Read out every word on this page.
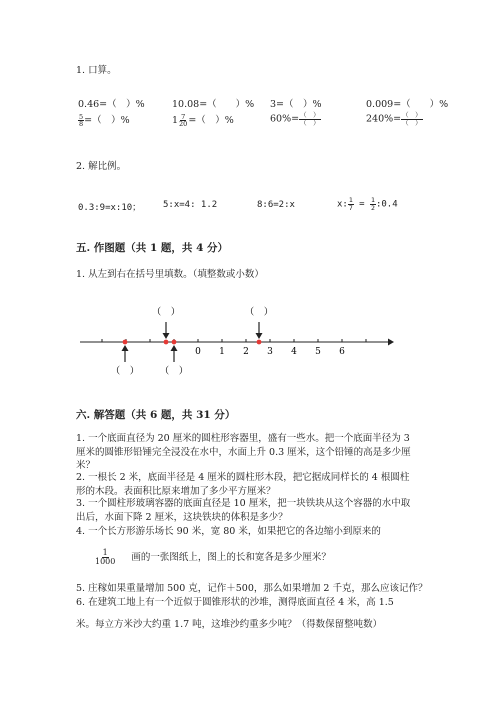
1. 口算。
0.46=（　）%	10.08=（　　）% 3=（　）%	0.009=（　　）%
$\frac{5}{8}$ =（　）%	$1 \frac{7}{20}$ =（　）%	$60\%= \frac{( )}{( )}$	$240\%= \frac{( )}{( )}$
2. 解比例。
0.3:9=x:10； 5:x=4: 1.2	8:6=2:x	x: $\frac{1}{7} = \frac{1}{2}$ :0.4
五. 作图题（共 1 题，共 4 分）
1. 从左到右在括号里填数。（填整数或小数）
0 1 2 3 4 5 6
（　）	（　）
（　） （　）
六. 解答题（共 6 题，共 31 分）
1. 一个底面直径为 20 厘米的圆柱形容器里，盛有一些水。把一个底面半径为 3 厘米的圆锥形铅锤完全浸没在水中，水面上升 0.3 厘米，这个铅锤的高是多少厘米？
2. 一根长 2 米，底面半径是 4 厘米的圆柱形木段，把它据成同样长的 4 根圆柱形的木段。表面积比原来增加了多少平方厘米？
3. 一个圆柱形玻璃容器的底面直径是 10 厘米，把一块铁块从这个容器的水中取出后，水面下降 2 厘米，这块铁块的体积是多少？
4. 一个长方形游乐场长 90 米，宽 80 米，如果把它的各边缩小到原来的
$\frac{1}{1000}$ 画的一张图纸上，图上的长和宽各是多少厘米？
5. 庄稼如果重量增加 500 克，记作＋500，那么如果增加 2 千克，那么应该记作？
6. 在建筑工地上有一个近似于圆锥形状的沙堆，测得底面直径 4 米，高 1.5
米。每立方米沙大约重 1.7 吨，这堆沙约重多少吨？（得数保留整吨数）
